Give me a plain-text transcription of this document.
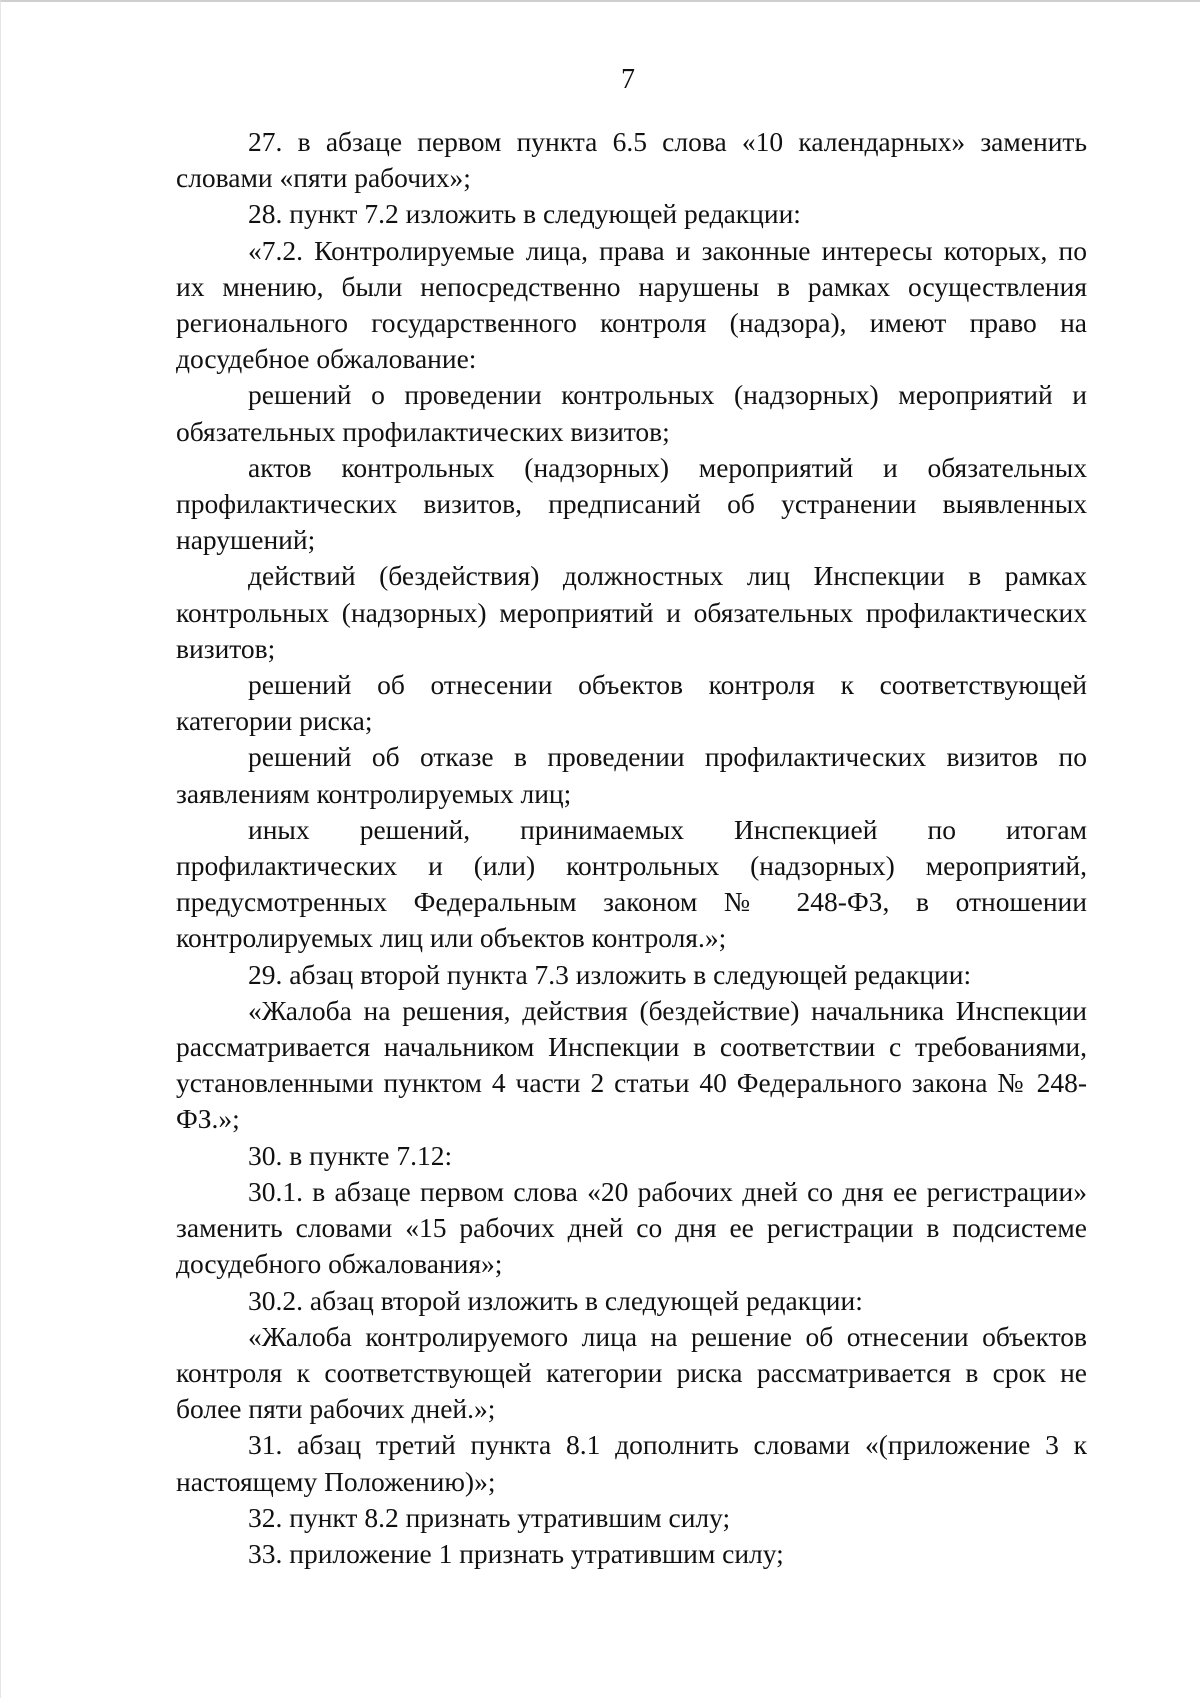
7

27. в абзаце первом пункта 6.5 слова «10 календарных» заменить словами «пяти рабочих»;

28. пункт 7.2 изложить в следующей редакции:

«7.2. Контролируемые лица, права и законные интересы которых, по их мнению, были непосредственно нарушены в рамках осуществления регионального государственного контроля (надзора), имеют право на досудебное обжалование:

решений о проведении контрольных (надзорных) мероприятий и обязательных профилактических визитов;

актов контрольных (надзорных) мероприятий и обязательных профилактических визитов, предписаний об устранении выявленных нарушений;

действий (бездействия) должностных лиц Инспекции в рамках контрольных (надзорных) мероприятий и обязательных профилактических визитов;

решений об отнесении объектов контроля к соответствующей категории риска;

решений об отказе в проведении профилактических визитов по заявлениям контролируемых лиц;

иных решений, принимаемых Инспекцией по итогам профилактических и (или) контрольных (надзорных) мероприятий, предусмотренных Федеральным законом № 248-ФЗ, в отношении контролируемых лиц или объектов контроля.»;

29. абзац второй пункта 7.3 изложить в следующей редакции:

«Жалоба на решения, действия (бездействие) начальника Инспекции рассматривается начальником Инспекции в соответствии с требованиями, установленными пунктом 4 части 2 статьи 40 Федерального закона № 248-ФЗ.»;

30. в пункте 7.12:

30.1. в абзаце первом слова «20 рабочих дней со дня ее регистрации» заменить словами «15 рабочих дней со дня ее регистрации в подсистеме досудебного обжалования»;

30.2. абзац второй изложить в следующей редакции:

«Жалоба контролируемого лица на решение об отнесении объектов контроля к соответствующей категории риска рассматривается в срок не более пяти рабочих дней.»;

31. абзац третий пункта 8.1 дополнить словами «(приложение 3 к настоящему Положению)»;

32. пункт 8.2 признать утратившим силу;

33. приложение 1 признать утратившим силу;
